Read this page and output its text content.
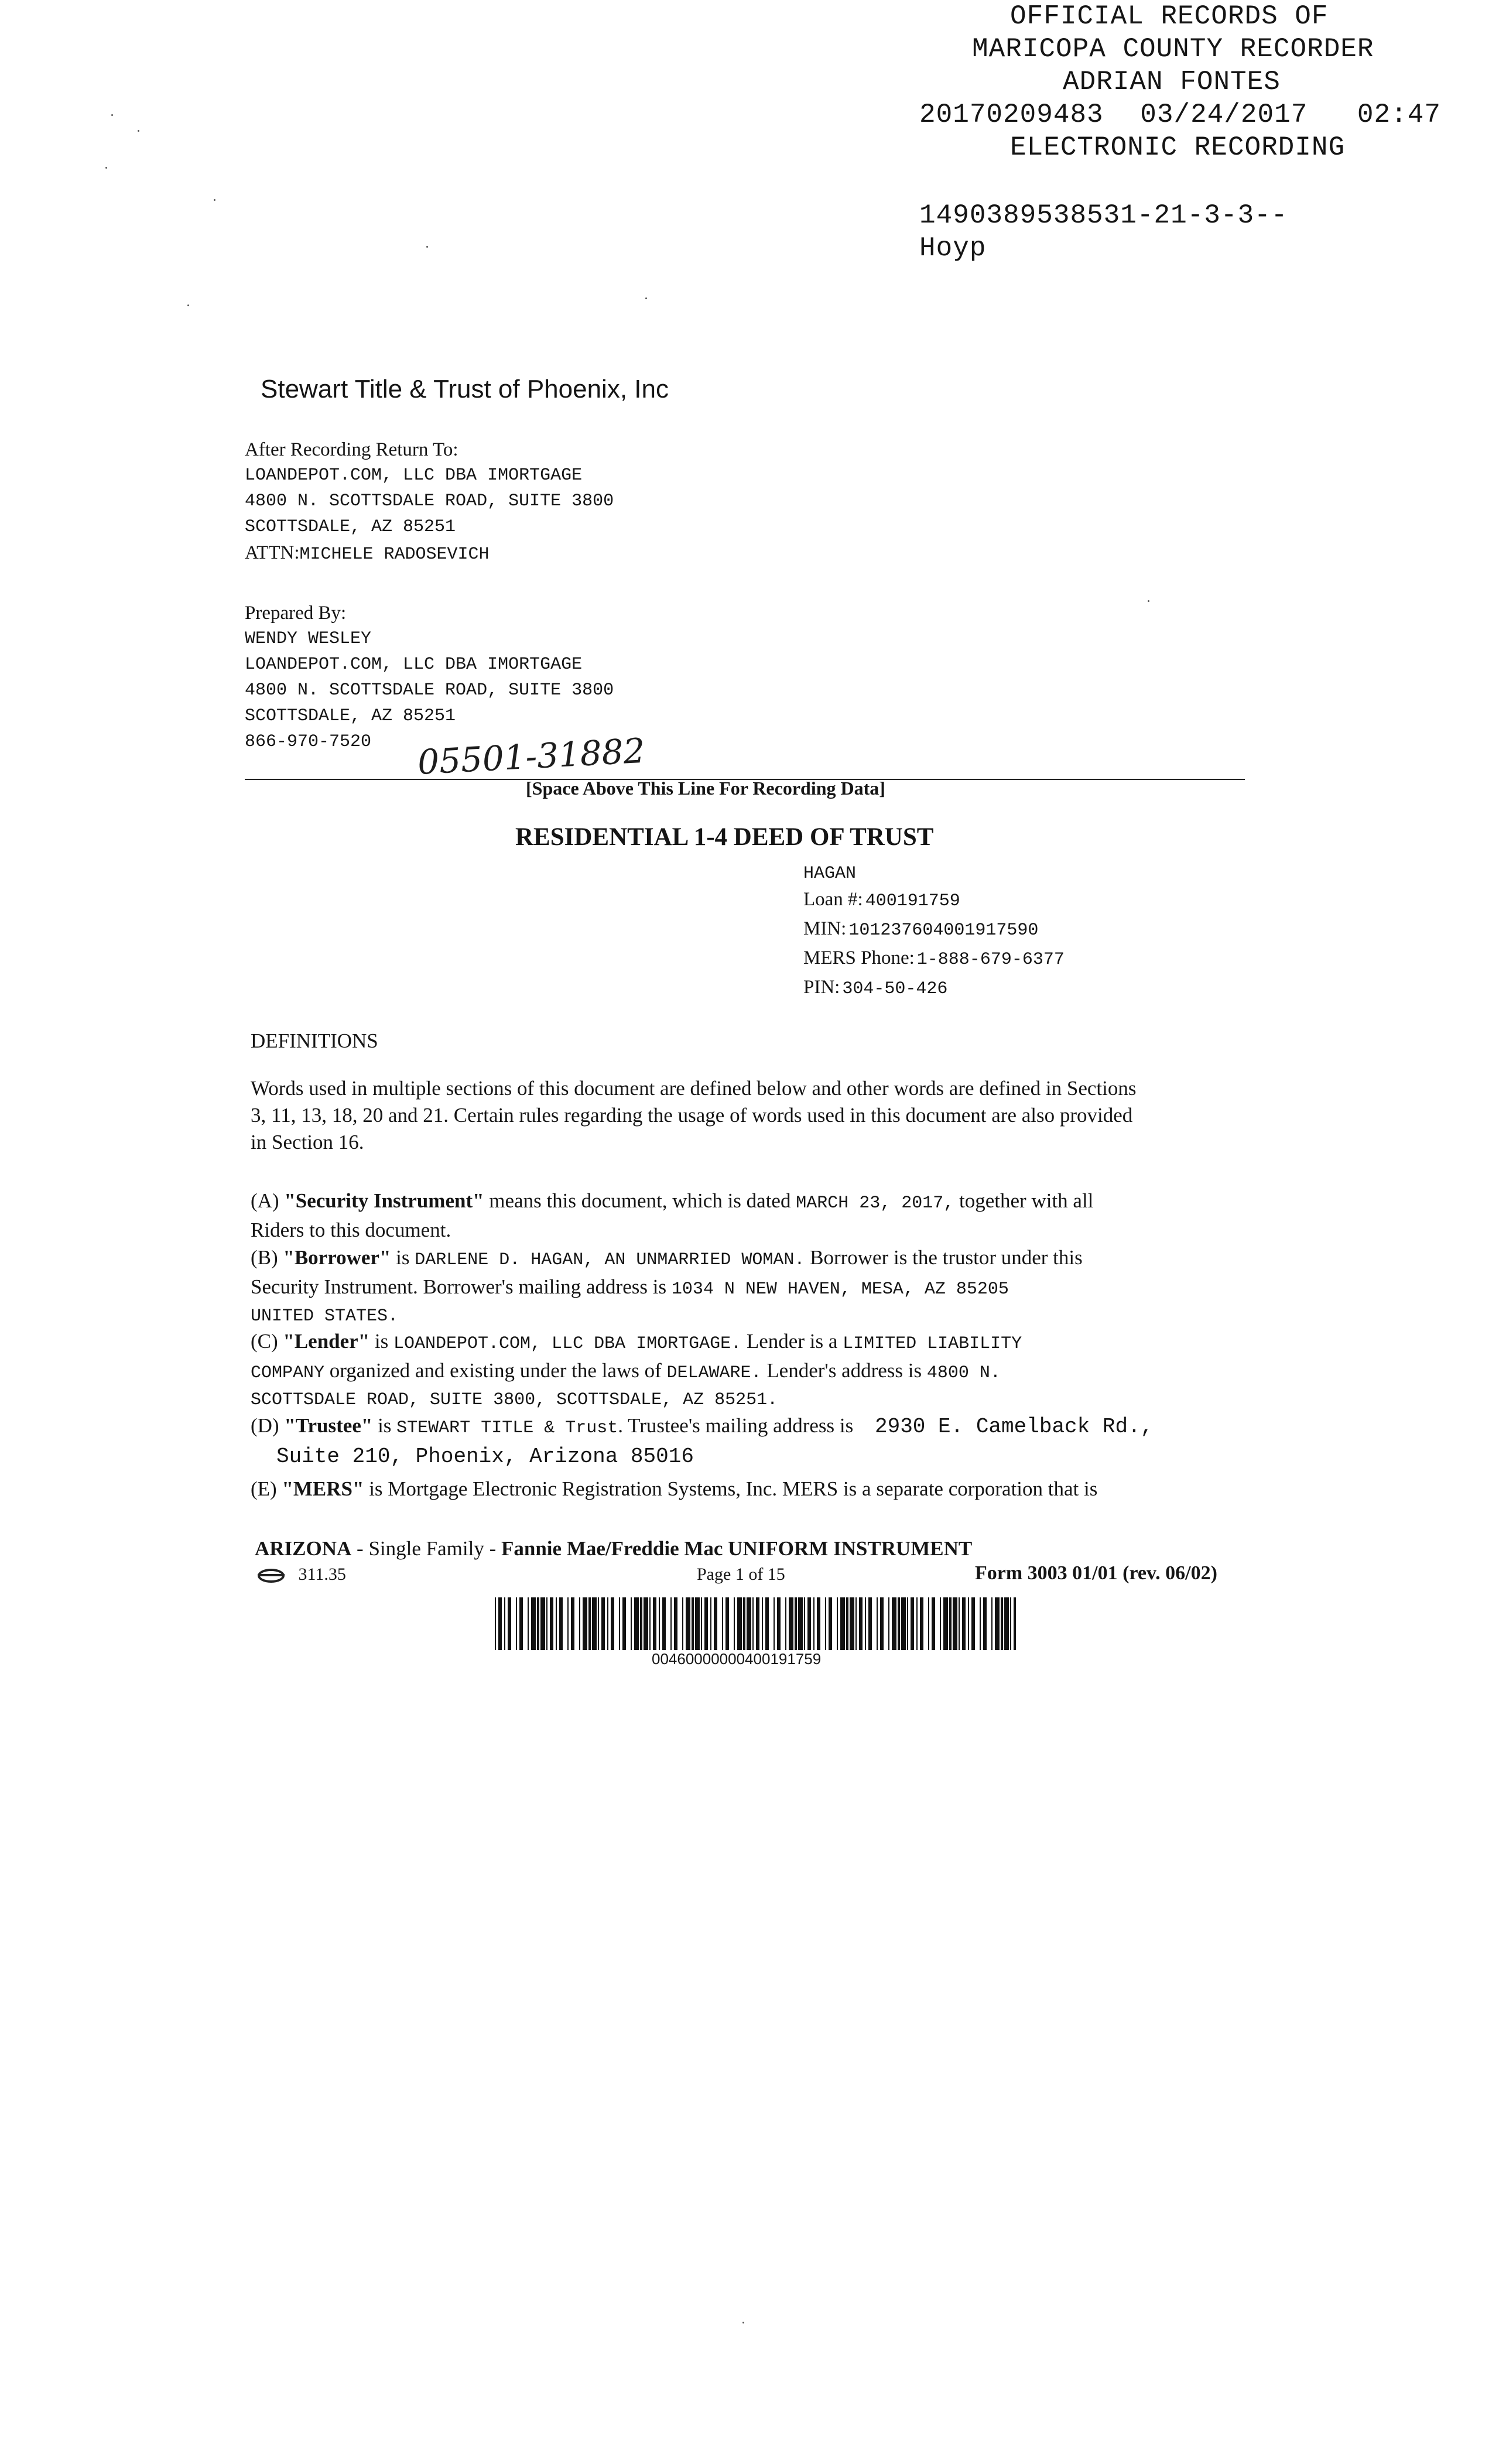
OFFICIAL RECORDS OF
MARICOPA COUNTY RECORDER
ADRIAN FONTES
20170209483 03/24/2017 02:47
ELECTRONIC RECORDING
1490389538531-21-3-3--
Hoyp
Stewart Title & Trust of Phoenix, Inc
After Recording Return To:
LOANDEPOT.COM, LLC DBA IMORTGAGE
4800 N. SCOTTSDALE ROAD, SUITE 3800
SCOTTSDALE, AZ 85251
ATTN:MICHELE RADOSEVICH
Prepared By:
WENDY WESLEY
LOANDEPOT.COM, LLC DBA IMORTGAGE
4800 N. SCOTTSDALE ROAD, SUITE 3800
SCOTTSDALE, AZ 85251
866-970-7520	05501-31882
[Space Above This Line For Recording Data]
RESIDENTIAL 1-4 DEED OF TRUST
HAGAN
Loan #: 400191759
MIN: 101237604001917590
MERS Phone: 1-888-679-6377
PIN: 304-50-426
DEFINITIONS
Words used in multiple sections of this document are defined below and other words are defined in Sections
3, 11, 13, 18, 20 and 21. Certain rules regarding the usage of words used in this document are also provided
in Section 16.
(A) "Security Instrument" means this document, which is dated MARCH 23, 2017, together with all
Riders to this document.
(B) "Borrower" is DARLENE D. HAGAN, AN UNMARRIED WOMAN. Borrower is the trustor under this
Security Instrument. Borrower's mailing address is 1034 N NEW HAVEN, MESA, AZ 85205
UNITED STATES.
(C) "Lender" is LOANDEPOT.COM, LLC DBA IMORTGAGE. Lender is a LIMITED LIABILITY
COMPANY organized and existing under the laws of DELAWARE. Lender's address is 4800 N.
SCOTTSDALE ROAD, SUITE 3800, SCOTTSDALE, AZ 85251.
(D) "Trustee" is STEWART TITLE & Trust. Trustee's mailing address is 2930 E. Camelback Rd.,
Suite 210, Phoenix, Arizona 85016
(E) "MERS" is Mortgage Electronic Registration Systems, Inc. MERS is a separate corporation that is
ARIZONA - Single Family - Fannie Mae/Freddie Mac UNIFORM INSTRUMENT
311.35	Page 1 of 15	Form 3003 01/01 (rev. 06/02)
00460000000400191759
